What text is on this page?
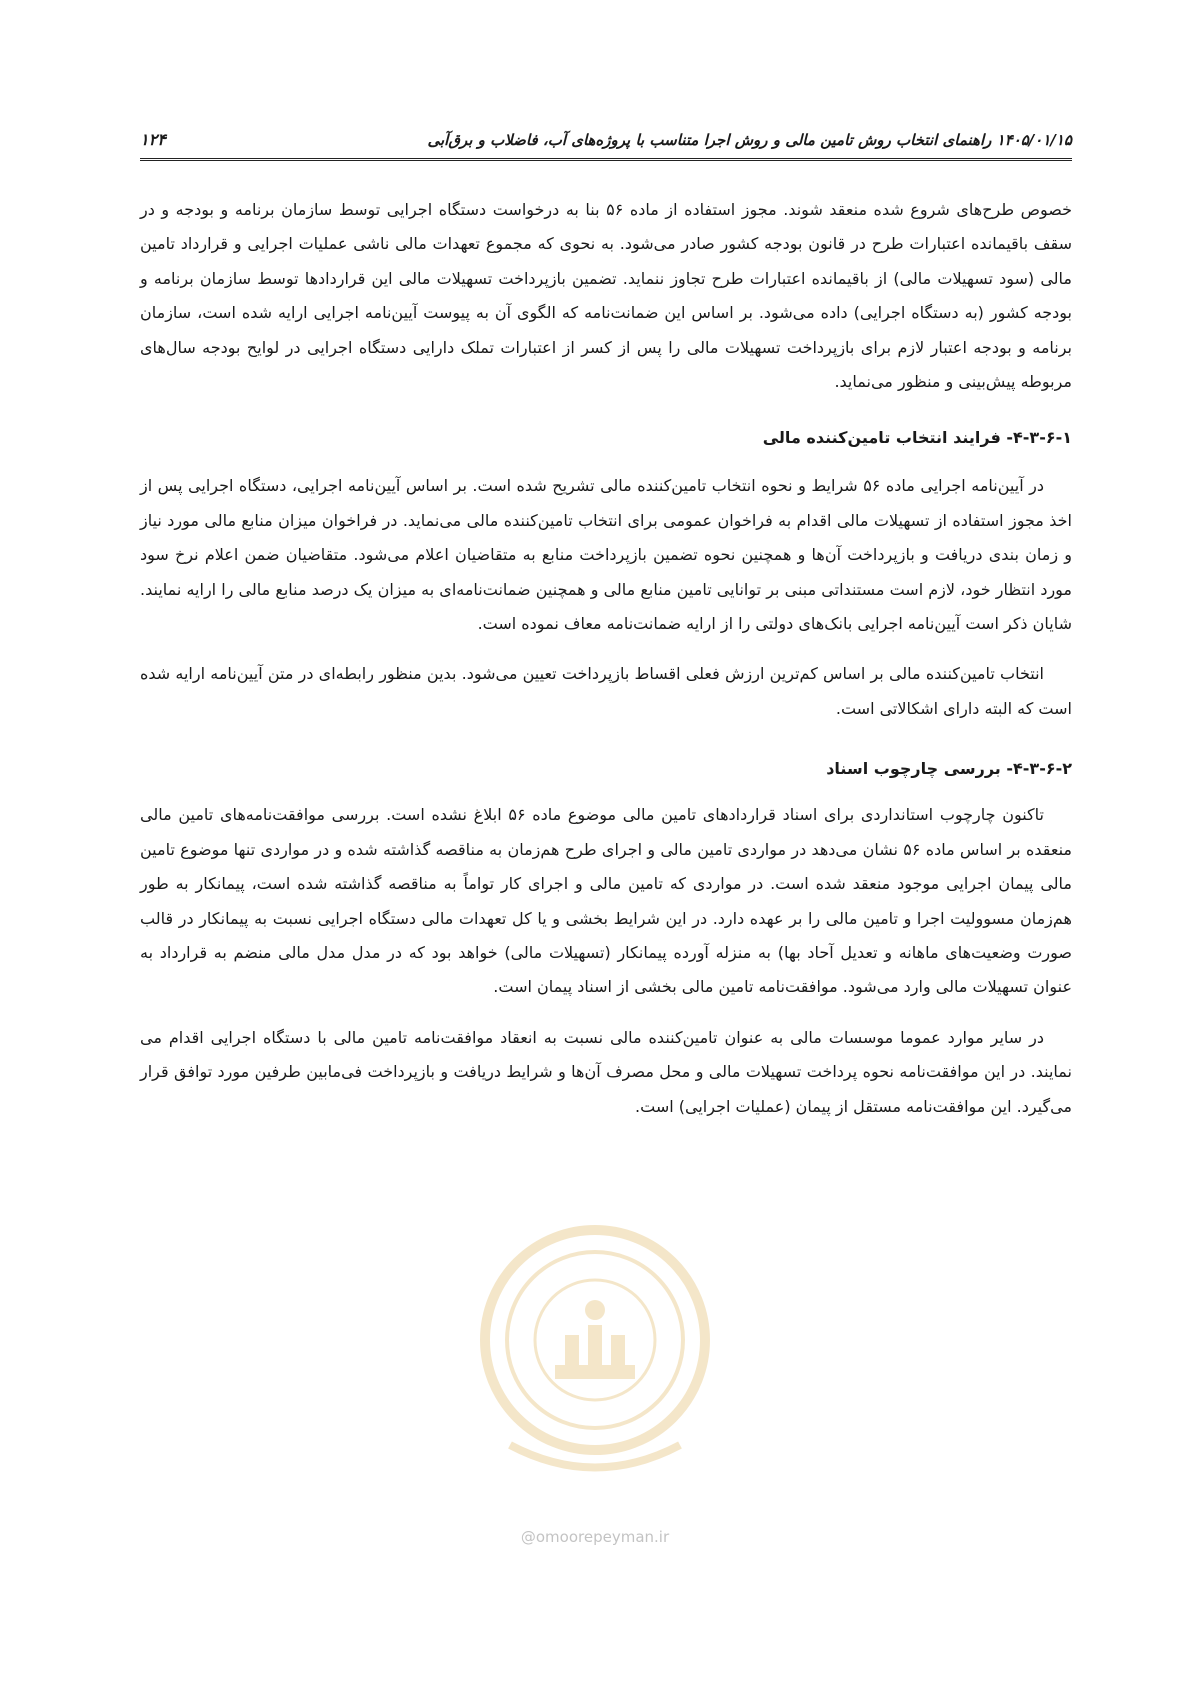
۱۴۰۵/۰۱/۱۵ راهنمای انتخاب روش تامین مالی و روش اجرا متناسب با پروژه‌های آب، فاضلاب و برق‌آبی
۱۲۴

خصوص طرح‌های شروع شده منعقد شوند. مجوز استفاده از ماده ۵۶ بنا به درخواست دستگاه اجرایی توسط سازمان برنامه و بودجه و در سقف باقیمانده اعتبارات طرح در قانون بودجه کشور صادر می‌شود. به نحوی که مجموع تعهدات مالی ناشی عملیات اجرایی و قرارداد تامین مالی (سود تسهیلات مالی) از باقیمانده اعتبارات طرح تجاوز ننماید. تضمین بازپرداخت تسهیلات مالی این قراردادها توسط سازمان برنامه و بودجه کشور (به دستگاه اجرایی) داده می‌شود. بر اساس این ضمانت‌نامه که الگوی آن به پیوست آیین‌نامه اجرایی ارایه شده است، سازمان برنامه و بودجه اعتبار لازم برای بازپرداخت تسهیلات مالی را پس از کسر از اعتبارات تملک دارایی دستگاه اجرایی در لوایح بودجه سال‌های مربوطه پیش‌بینی و منظور می‌نماید.

۴-۳-۶-۱- فرایند انتخاب تامین‌کننده مالی

در آیین‌نامه اجرایی ماده ۵۶ شرایط و نحوه انتخاب تامین‌کننده مالی تشریح شده است. بر اساس آیین‌نامه اجرایی، دستگاه اجرایی پس از اخذ مجوز استفاده از تسهیلات مالی اقدام به فراخوان عمومی برای انتخاب تامین‌کننده مالی می‌نماید. در فراخوان میزان منابع مالی مورد نیاز و زمان بندی دریافت و بازپرداخت آن‌ها و همچنین نحوه تضمین بازپرداخت منابع به متقاضیان اعلام می‌شود. متقاضیان ضمن اعلام نرخ سود مورد انتظار خود، لازم است مستنداتی مبنی بر توانایی تامین منابع مالی و همچنین ضمانت‌نامه‌ای به میزان یک درصد منابع مالی را ارایه نمایند. شایان ذکر است آیین‌نامه اجرایی بانک‌های دولتی را از ارایه ضمانت‌نامه معاف نموده است.

انتخاب تامین‌کننده مالی بر اساس کم‌ترین ارزش فعلی اقساط بازپرداخت تعیین می‌شود. بدین منظور رابطه‌ای در متن آیین‌نامه ارایه شده است که البته دارای اشکالاتی است.

۴-۳-۶-۲- بررسی چارچوب اسناد

تاکنون چارچوب استانداردی برای اسناد قراردادهای تامین مالی موضوع ماده ۵۶ ابلاغ نشده است. بررسی موافقت‌نامه‌های تامین مالی منعقده بر اساس ماده ۵۶ نشان می‌دهد در مواردی تامین مالی و اجرای طرح هم‌زمان به مناقصه گذاشته شده و در مواردی تنها موضوع تامین مالی پیمان اجرایی موجود منعقد شده است. در مواردی که تامین مالی و اجرای کار تواماً به مناقصه گذاشته شده است، پیمانکار به طور هم‌زمان مسوولیت اجرا و تامین مالی را بر عهده دارد. در این شرایط بخشی و یا کل تعهدات مالی دستگاه اجرایی نسبت به پیمانکار در قالب صورت وضعیت‌های ماهانه و تعدیل آحاد بها) به منزله آورده پیمانکار (تسهیلات مالی) خواهد بود که در مدل مدل مالی منضم به قرارداد به عنوان تسهیلات مالی وارد می‌شود. موافقت‌نامه تامین مالی بخشی از اسناد پیمان است.

در سایر موارد عموما موسسات مالی به عنوان تامین‌کننده مالی نسبت به انعقاد موافقت‌نامه تامین مالی با دستگاه اجرایی اقدام می نمایند. در این موافقت‌نامه نحوه پرداخت تسهیلات مالی و محل مصرف آن‌ها و شرایط دریافت و بازپرداخت فی‌مابین طرفین مورد توافق قرار می‌گیرد. این موافقت‌نامه مستقل از پیمان (عملیات اجرایی) است.

@omoorepeyman.ir
